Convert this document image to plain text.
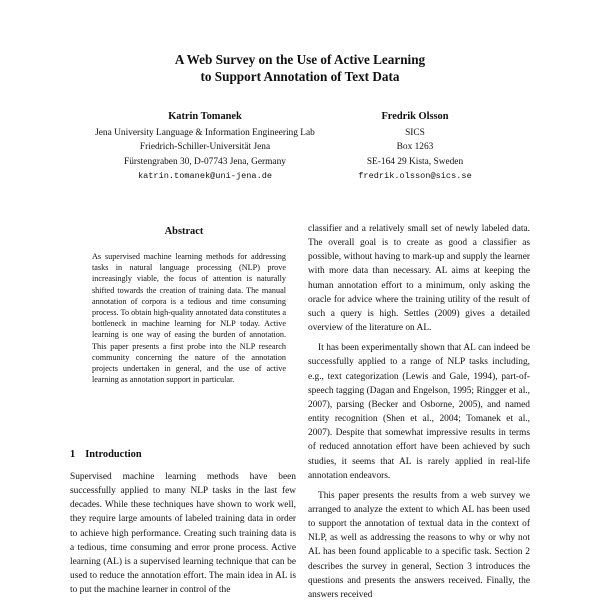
A Web Survey on the Use of Active Learning
to Support Annotation of Text Data
Katrin Tomanek
Jena University Language & Information Engineering Lab
Friedrich-Schiller-Universität Jena
Fürstengraben 30, D-07743 Jena, Germany
katrin.tomanek@uni-jena.de
Fredrik Olsson
SICS
Box 1263
SE-164 29 Kista, Sweden
fredrik.olsson@sics.se
Abstract
As supervised machine learning methods for addressing tasks in natural language processing (NLP) prove increasingly viable, the focus of attention is naturally shifted towards the creation of training data. The manual annotation of corpora is a tedious and time consuming process. To obtain high-quality annotated data constitutes a bottleneck in machine learning for NLP today. Active learning is one way of easing the burden of annotation. This paper presents a first probe into the NLP research community concerning the nature of the annotation projects undertaken in general, and the use of active learning as annotation support in particular.
1 Introduction

Supervised machine learning methods have been successfully applied to many NLP tasks in the last few decades. While these techniques have shown to work well, they require large amounts of labeled training data in order to achieve high performance. Creating such training data is a tedious, time consuming and error prone process. Active learning (AL) is a supervised learning technique that can be used to reduce the annotation effort. The main idea in AL is to put the machine learner in control of the

classifier and a relatively small set of newly labeled data. The overall goal is to create as good a classifier as possible, without having to mark-up and supply the learner with more data than necessary. AL aims at keeping the human annotation effort to a minimum, only asking the oracle for advice where the training utility of the result of such a query is high. Settles (2009) gives a detailed overview of the literature on AL.

It has been experimentally shown that AL can indeed be successfully applied to a range of NLP tasks including, e.g., text categorization (Lewis and Gale, 1994), part-of-speech tagging (Dagan and Engelson, 1995; Ringger et al., 2007), parsing (Becker and Osborne, 2005), and named entity recognition (Shen et al., 2004; Tomanek et al., 2007). Despite that somewhat impressive results in terms of reduced annotation effort have been achieved by such studies, it seems that AL is rarely applied in real-life annotation endeavors.

This paper presents the results from a web survey we arranged to analyze the extent to which AL has been used to support the annotation of textual data in the context of NLP, as well as addressing the reasons to why or why not AL has been found applicable to a specific task. Section 2 describes the survey in general, Section 3 introduces the questions and presents the answers received. Finally, the answers received
